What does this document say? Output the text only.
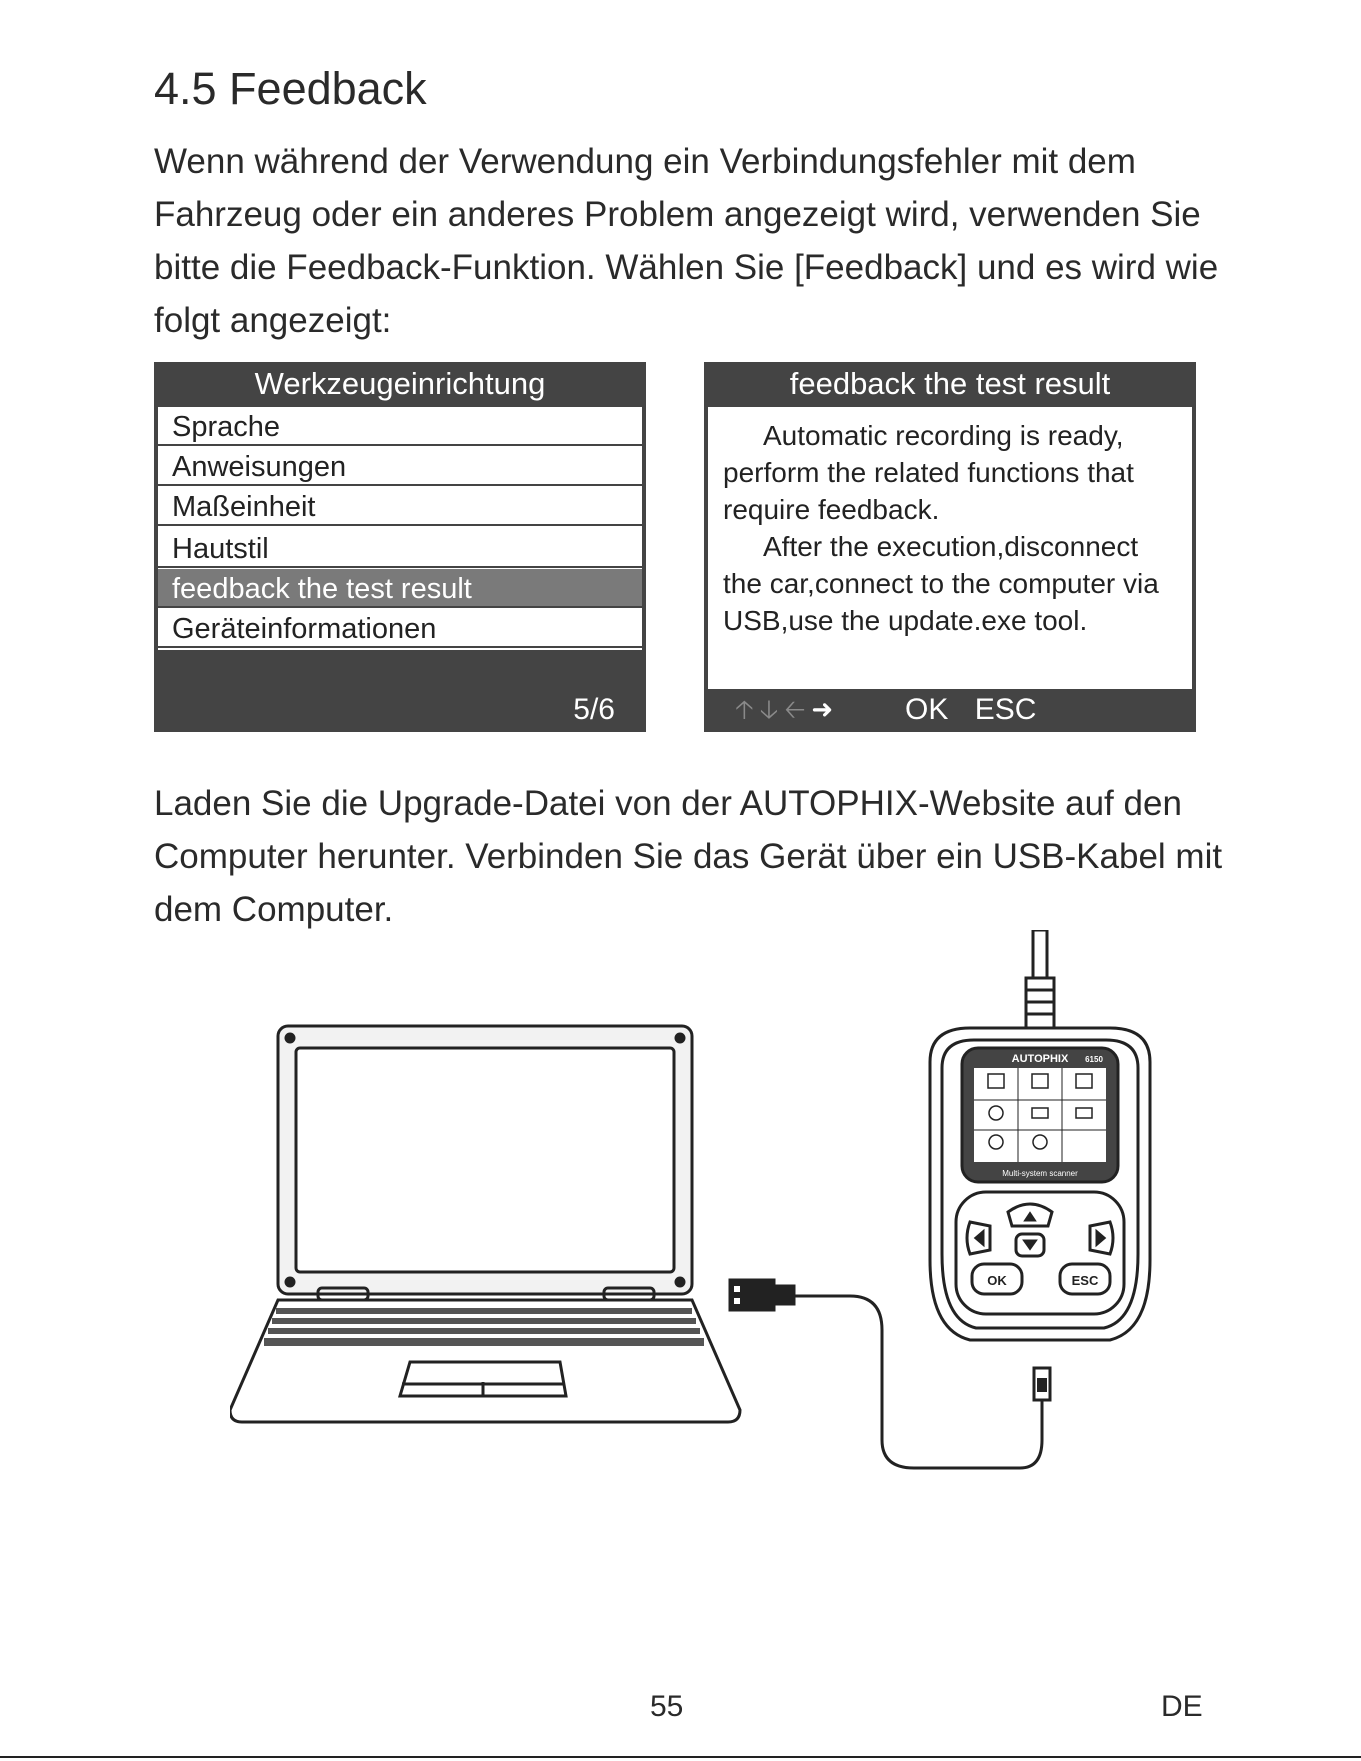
4.5 Feedback

Wenn während der Verwendung ein Verbindungsfehler mit dem Fahrzeug oder ein anderes Problem angezeigt wird, verwenden Sie bitte die Feedback-Funktion. Wählen Sie [Feedback] und es wird wie folgt angezeigt:

Werkzeugeinrichtung
Sprache
Anweisungen
Maßeinheit
Hautstil
feedback the test result
Geräteinformationen
5/6
feedback the test result

Automatic recording is ready, perform the related functions that require feedback.

After the execution,disconnect the car,connect to the computer via USB,use the update.exe tool.

🡡 🡣 🡠 ➜ OK ESC

Laden Sie die Upgrade-Datei von der AUTOPHIX-Website auf den Computer herunter. Verbinden Sie das Gerät über ein USB-Kabel mit dem Computer.

AUTOPHIX 6150
Multi-system scanner
OK	ESC
55	DE
